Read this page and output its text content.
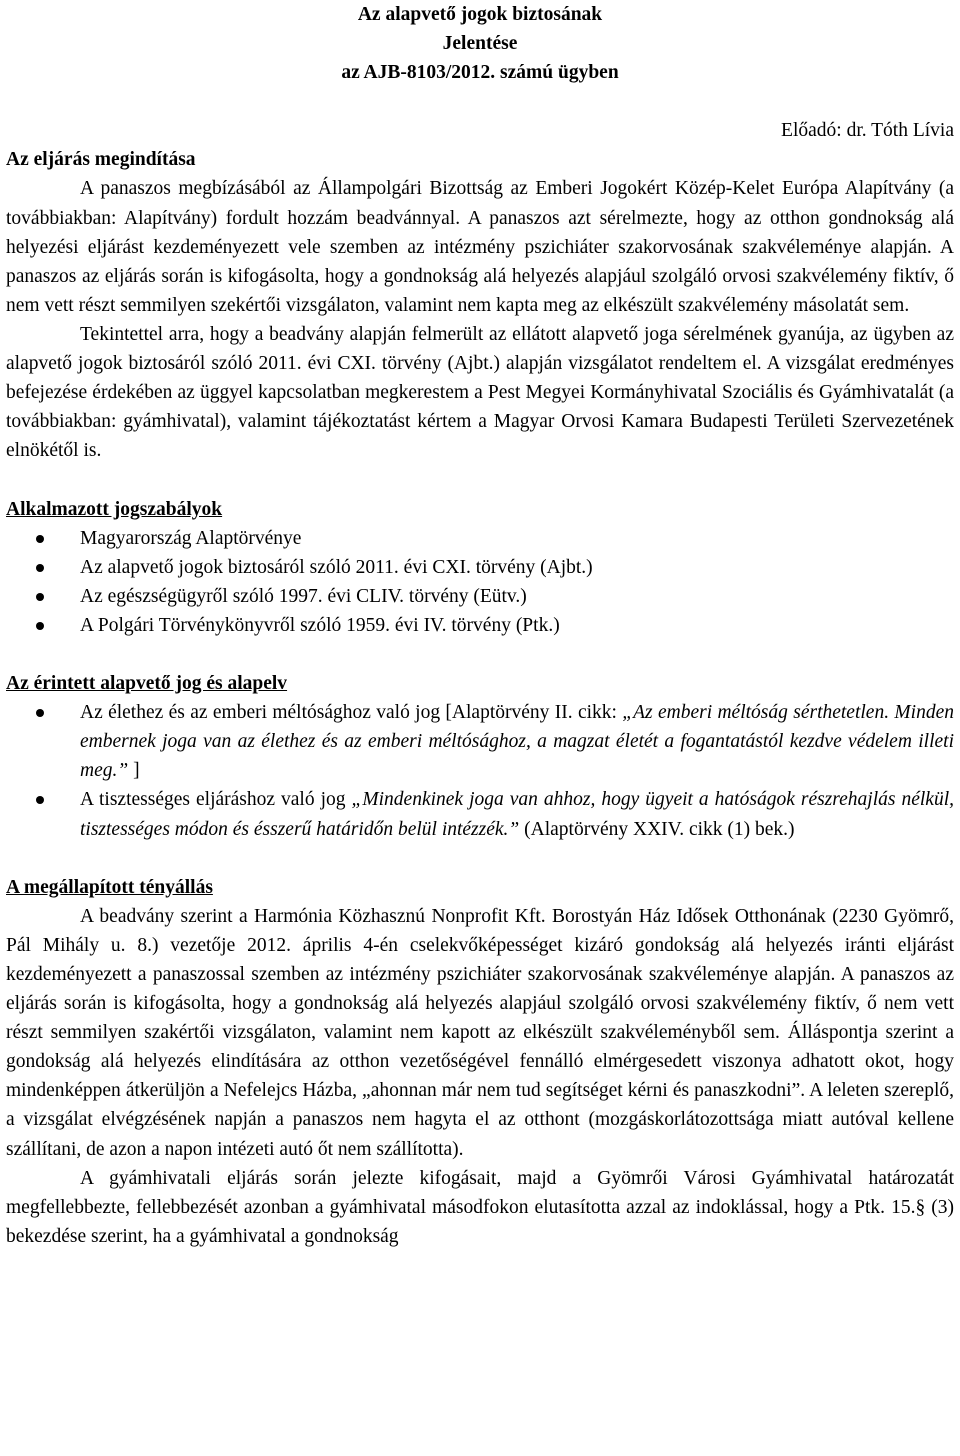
Az alapvető jogok biztosának
Jelentése
az AJB-8103/2012. számú ügyben
Előadó: dr. Tóth Lívia
Az eljárás megindítása

A panaszos megbízásából az Állampolgári Bizottság az Emberi Jogokért Közép-Kelet Európa Alapítvány (a továbbiakban: Alapítvány) fordult hozzám beadvánnyal. A panaszos azt sérelmezte, hogy az otthon gondnokság alá helyezési eljárást kezdeményezett vele szemben az intézmény pszichiáter szakorvosának szakvéleménye alapján. A panaszos az eljárás során is kifogásolta, hogy a gondnokság alá helyezés alapjául szolgáló orvosi szakvélemény fiktív, ő nem vett részt semmilyen szekértői vizsgálaton, valamint nem kapta meg az elkészült szakvélemény másolatát sem.

Tekintettel arra, hogy a beadvány alapján felmerült az ellátott alapvető joga sérelmének gyanúja, az ügyben az alapvető jogok biztosáról szóló 2011. évi CXI. törvény (Ajbt.) alapján vizsgálatot rendeltem el. A vizsgálat eredményes befejezése érdekében az üggyel kapcsolatban megkerestem a Pest Megyei Kormányhivatal Szociális és Gyámhivatalát (a továbbiakban: gyámhivatal), valamint tájékoztatást kértem a Magyar Orvosi Kamara Budapesti Területi Szervezetének elnökétől is.

Alkalmazott jogszabályok
Magyarország Alaptörvénye
Az alapvető jogok biztosáról szóló 2011. évi CXI. törvény (Ajbt.)
Az egészségügyről szóló 1997. évi CLIV. törvény (Eütv.)
A Polgári Törvénykönyvről szóló 1959. évi IV. törvény (Ptk.)
Az érintett alapvető jog és alapelv
Az élethez és az emberi méltósághoz való jog [Alaptörvény II. cikk: „Az emberi méltóság sérthetetlen. Minden embernek joga van az élethez és az emberi méltósághoz, a magzat életét a fogantatástól kezdve védelem illeti meg.” ]
A tisztességes eljáráshoz való jog „Mindenkinek joga van ahhoz, hogy ügyeit a hatóságok részrehajlás nélkül, tisztességes módon és ésszerű határidőn belül intézzék.” (Alaptörvény XXIV. cikk (1) bek.)
A megállapított tényállás

A beadvány szerint a Harmónia Közhasznú Nonprofit Kft. Borostyán Ház Idősek Otthonának (2230 Gyömrő, Pál Mihály u. 8.) vezetője 2012. április 4-én cselekvőképességet kizáró gondokság alá helyezés iránti eljárást kezdeményezett a panaszossal szemben az intézmény pszichiáter szakorvosának szakvéleménye alapján. A panaszos az eljárás során is kifogásolta, hogy a gondnokság alá helyezés alapjául szolgáló orvosi szakvélemény fiktív, ő nem vett részt semmilyen szakértői vizsgálaton, valamint nem kapott az elkészült szakvéleményből sem. Álláspontja szerint a gondokság alá helyezés elindítására az otthon vezetőségével fennálló elmérgesedett viszonya adhatott okot, hogy mindenképpen átkerüljön a Nefelejcs Házba, „ahonnan már nem tud segítséget kérni és panaszkodni”. A leleten szereplő, a vizsgálat elvégzésének napján a panaszos nem hagyta el az otthont (mozgáskorlátozottsága miatt autóval kellene szállítani, de azon a napon intézeti autó őt nem szállította).

A gyámhivatali eljárás során jelezte kifogásait, majd a Gyömrői Városi Gyámhivatal határozatát megfellebbezte, fellebbezését azonban a gyámhivatal másodfokon elutasította azzal az indoklással, hogy a Ptk. 15.§ (3) bekezdése szerint, ha a gyámhivatal a gondnokság
